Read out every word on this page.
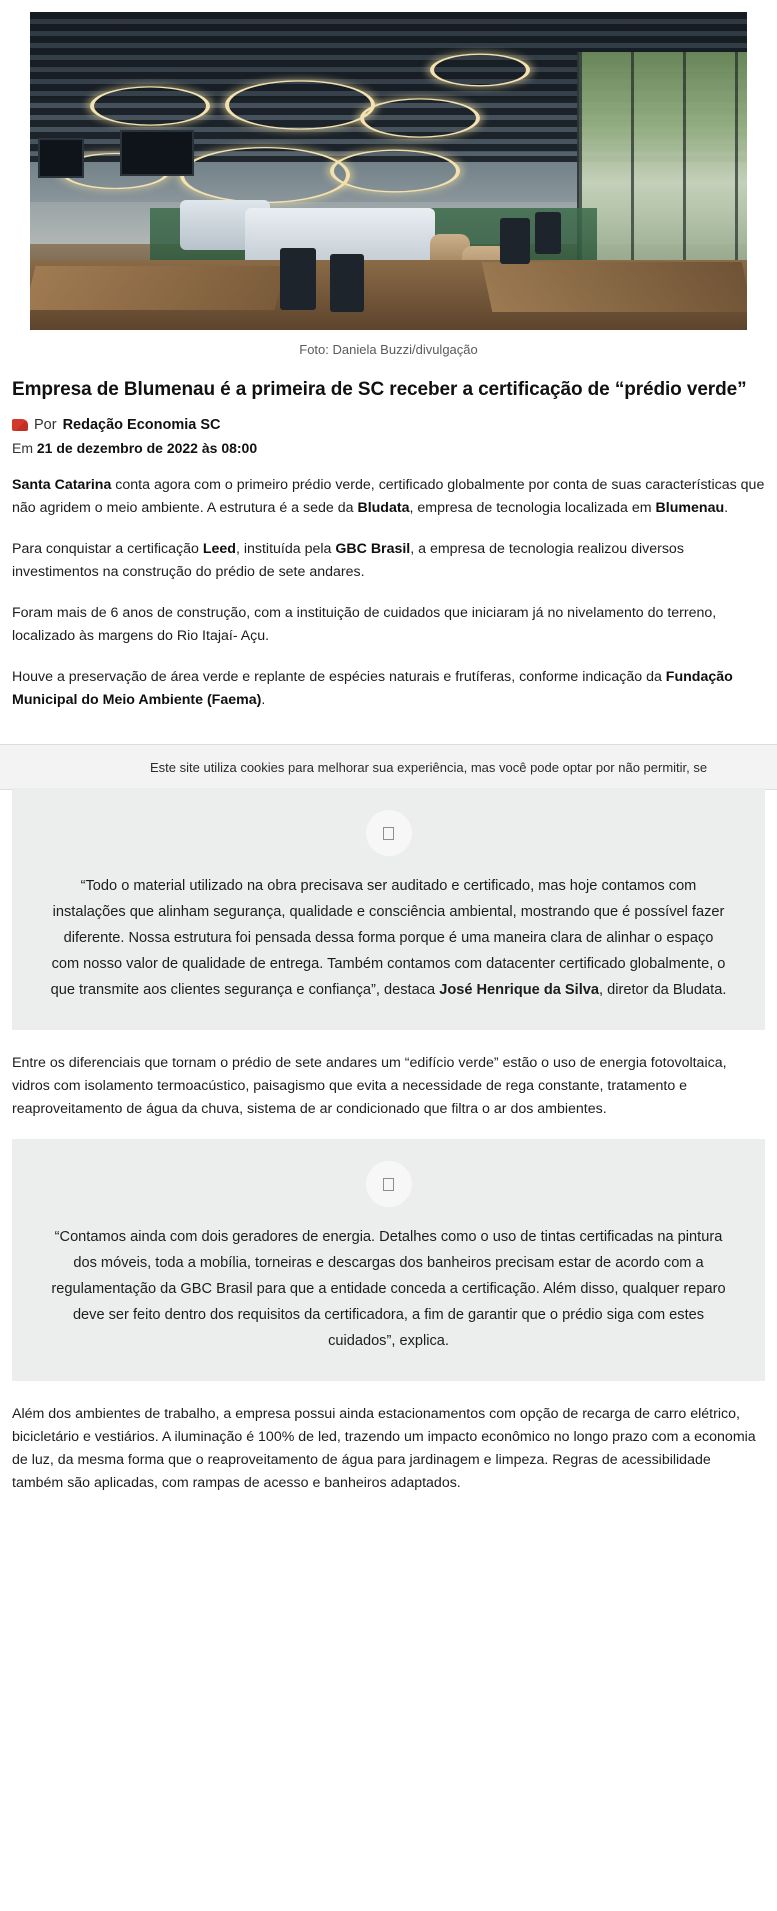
Foto: Daniela Buzzi/divulgação
Empresa de Blumenau é a primeira de SC receber a certificação de “prédio verde”
Por Redação Economia SC
Em 21 de dezembro de 2022 às 08:00

Santa Catarina conta agora com o primeiro prédio verde, certificado globalmente por conta de suas características que não agridem o meio ambiente. A estrutura é a sede da Bludata, empresa de tecnologia localizada em Blumenau.

Para conquistar a certificação Leed, instituída pela GBC Brasil, a empresa de tecnologia realizou diversos investimentos na construção do prédio de sete andares.

Foram mais de 6 anos de construção, com a instituição de cuidados que iniciaram já no nivelamento do terreno, localizado às margens do Rio Itajaí- Açu.

Houve a preservação de área verde e replante de espécies naturais e frutíferas, conforme indicação da Fundação Municipal do Meio Ambiente (Faema).

Este site utiliza cookies para melhorar sua experiência, mas você pode optar por não permitir, se
“Todo o material utilizado na obra precisava ser auditado e certificado, mas hoje contamos com instalações que alinham segurança, qualidade e consciência ambiental, mostrando que é possível fazer diferente. Nossa estrutura foi pensada dessa forma porque é uma maneira clara de alinhar o espaço com nosso valor de qualidade de entrega. Também contamos com datacenter certificado globalmente, o que transmite aos clientes segurança e confiança”, destaca José Henrique da Silva, diretor da Bludata.

Entre os diferenciais que tornam o prédio de sete andares um “edifício verde” estão o uso de energia fotovoltaica, vidros com isolamento termoacústico, paisagismo que evita a necessidade de rega constante, tratamento e reaproveitamento de água da chuva, sistema de ar condicionado que filtra o ar dos ambientes.

“Contamos ainda com dois geradores de energia. Detalhes como o uso de tintas certificadas na pintura dos móveis, toda a mobília, torneiras e descargas dos banheiros precisam estar de acordo com a regulamentação da GBC Brasil para que a entidade conceda a certificação. Além disso, qualquer reparo deve ser feito dentro dos requisitos da certificadora, a fim de garantir que o prédio siga com estes cuidados”, explica.

Além dos ambientes de trabalho, a empresa possui ainda estacionamentos com opção de recarga de carro elétrico, bicicletário e vestiários. A iluminação é 100% de led, trazendo um impacto econômico no longo prazo com a economia de luz, da mesma forma que o reaproveitamento de água para jardinagem e limpeza. Regras de acessibilidade também são aplicadas, com rampas de acesso e banheiros adaptados.
